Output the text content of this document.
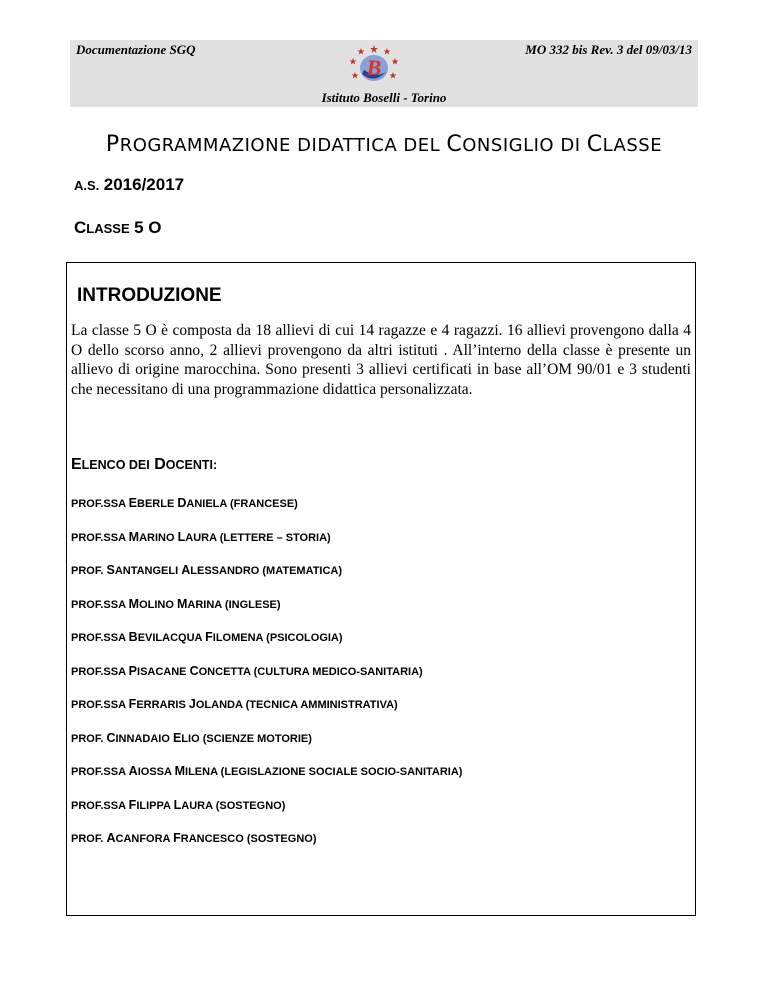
Documentazione SGQ	MO 332 bis Rev. 3 del 09/03/13
B
Istituto Boselli - Torino
PROGRAMMAZIONE DIDATTICA DEL CONSIGLIO DI CLASSE
A.S. 2016/2017
CLASSE 5 O
INTRODUZIONE
La classe 5 O è composta da 18 allievi di cui 14 ragazze e 4 ragazzi. 16 allievi provengono dalla 4 O dello scorso anno, 2 allievi provengono da altri istituti . All’interno della classe è presente un allievo di origine marocchina. Sono presenti 3 allievi certificati in base all’OM 90/01 e 3 studenti che necessitano di una programmazione didattica personalizzata.
ELENCO DEI DOCENTI:
PROF.SSA EBERLE DANIELA (FRANCESE)
PROF.SSA MARINO LAURA (LETTERE – STORIA)
PROF. SANTANGELI ALESSANDRO (MATEMATICA)
PROF.SSA MOLINO MARINA (INGLESE)
PROF.SSA BEVILACQUA FILOMENA (PSICOLOGIA)
PROF.SSA PISACANE CONCETTA (CULTURA MEDICO-SANITARIA)
PROF.SSA FERRARIS JOLANDA (TECNICA AMMINISTRATIVA)
PROF. CINNADAIO ELIO (SCIENZE MOTORIE)
PROF.SSA AIOSSA MILENA (LEGISLAZIONE SOCIALE SOCIO-SANITARIA)
PROF.SSA FILIPPA LAURA (SOSTEGNO)
PROF. ACANFORA FRANCESCO (SOSTEGNO)
